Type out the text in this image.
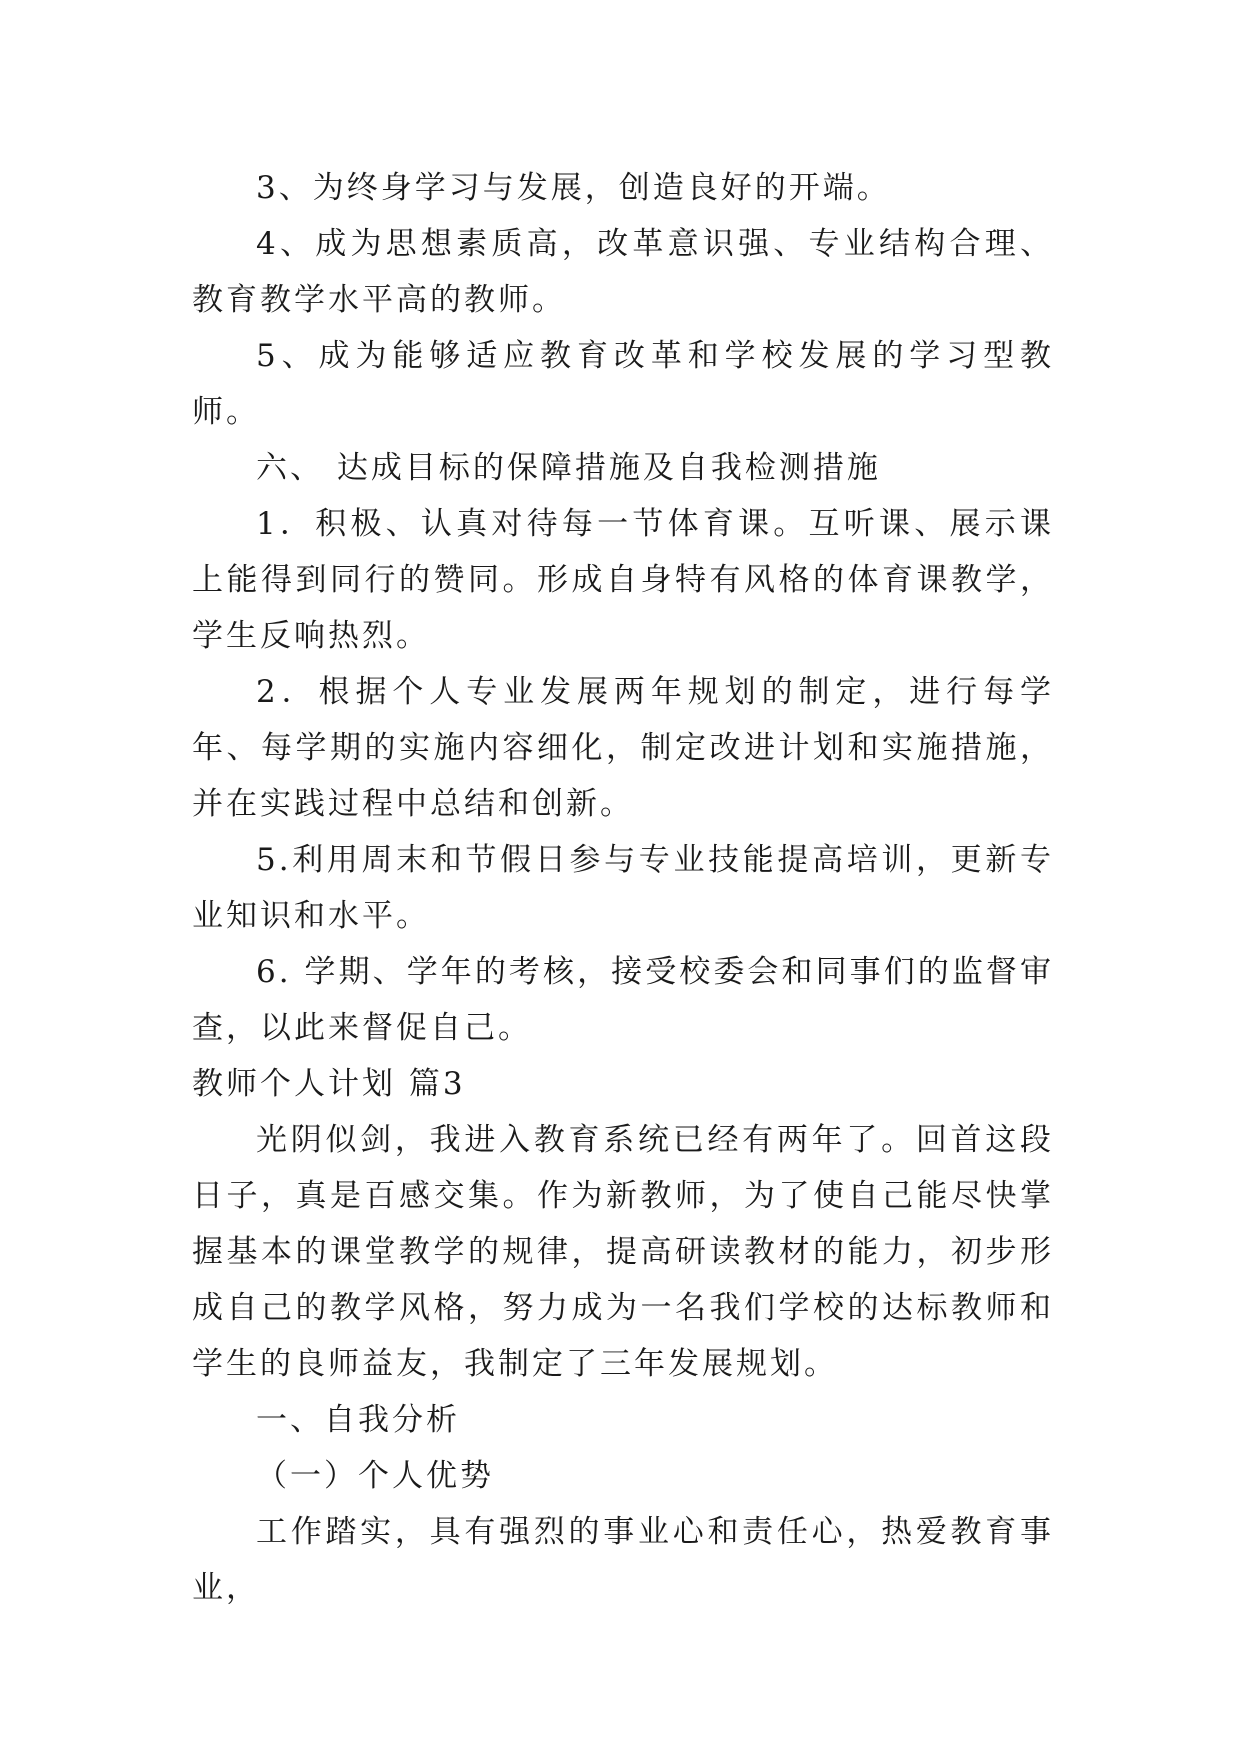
3、为终身学习与发展，创造良好的开端。

4、成为思想素质高，改革意识强、专业结构合理、教育教学水平高的教师。

5、成为能够适应教育改革和学校发展的学习型教师。

六、 达成目标的保障措施及自我检测措施

1．积极、认真对待每一节体育课。互听课、展示课上能得到同行的赞同。形成自身特有风格的体育课教学，学生反响热烈。

2．根据个人专业发展两年规划的制定，进行每学年、每学期的实施内容细化，制定改进计划和实施措施，并在实践过程中总结和创新。

5.利用周末和节假日参与专业技能提高培训，更新专业知识和水平。

6. 学期、学年的考核，接受校委会和同事们的监督审查，以此来督促自己。

教师个人计划 篇3

光阴似剑，我进入教育系统已经有两年了。回首这段日子，真是百感交集。作为新教师，为了使自己能尽快掌握基本的课堂教学的规律，提高研读教材的能力，初步形成自己的教学风格，努力成为一名我们学校的达标教师和学生的良师益友，我制定了三年发展规划。

一、自我分析

（一）个人优势

工作踏实，具有强烈的事业心和责任心，热爱教育事业，
